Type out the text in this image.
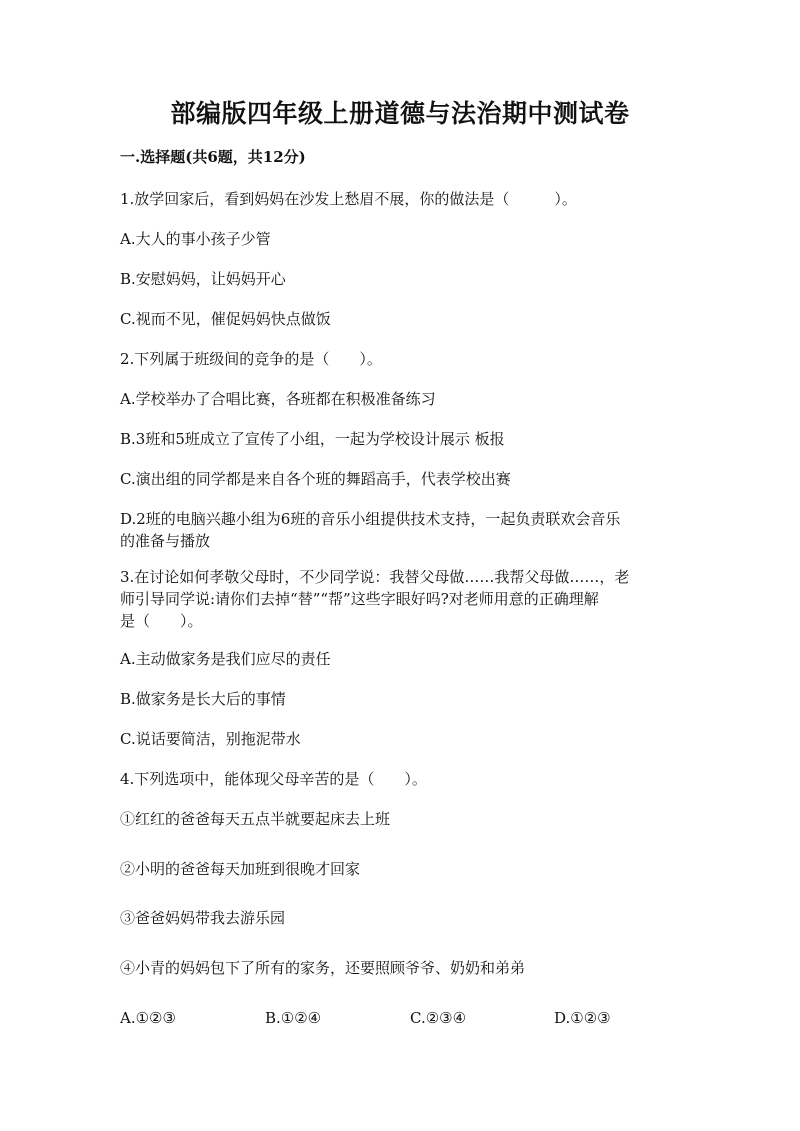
部编版四年级上册道德与法治期中测试卷
一.选择题(共6题，共12分)
1.放学回家后，看到妈妈在沙发上愁眉不展，你的做法是（　　　）。
A.大人的事小孩子少管
B.安慰妈妈，让妈妈开心
C.视而不见，催促妈妈快点做饭
2.下列属于班级间的竞争的是（　　）。
A.学校举办了合唱比赛，各班都在积极准备练习
B.3班和5班成立了宣传了小组，一起为学校设计展示 板报
C.演出组的同学都是来自各个班的舞蹈高手，代表学校出赛
D.2班的电脑兴趣小组为6班的音乐小组提供技术支持，一起负责联欢会音乐
的准备与播放
3.在讨论如何孝敬父母时，不少同学说：我替父母做……我帮父母做……，老
师引导同学说:请你们去掉“替”“帮”这些字眼好吗?对老师用意的正确理解
是（　　）。
A.主动做家务是我们应尽的责任
B.做家务是长大后的事情
C.说话要简洁，别拖泥带水
4.下列选项中，能体现父母辛苦的是（　　）。
①红红的爸爸每天五点半就要起床去上班
②小明的爸爸每天加班到很晚才回家
③爸爸妈妈带我去游乐园
④小青的妈妈包下了所有的家务，还要照顾爷爷、奶奶和弟弟
A.①②③	B.①②④	C.②③④	D.①②③
